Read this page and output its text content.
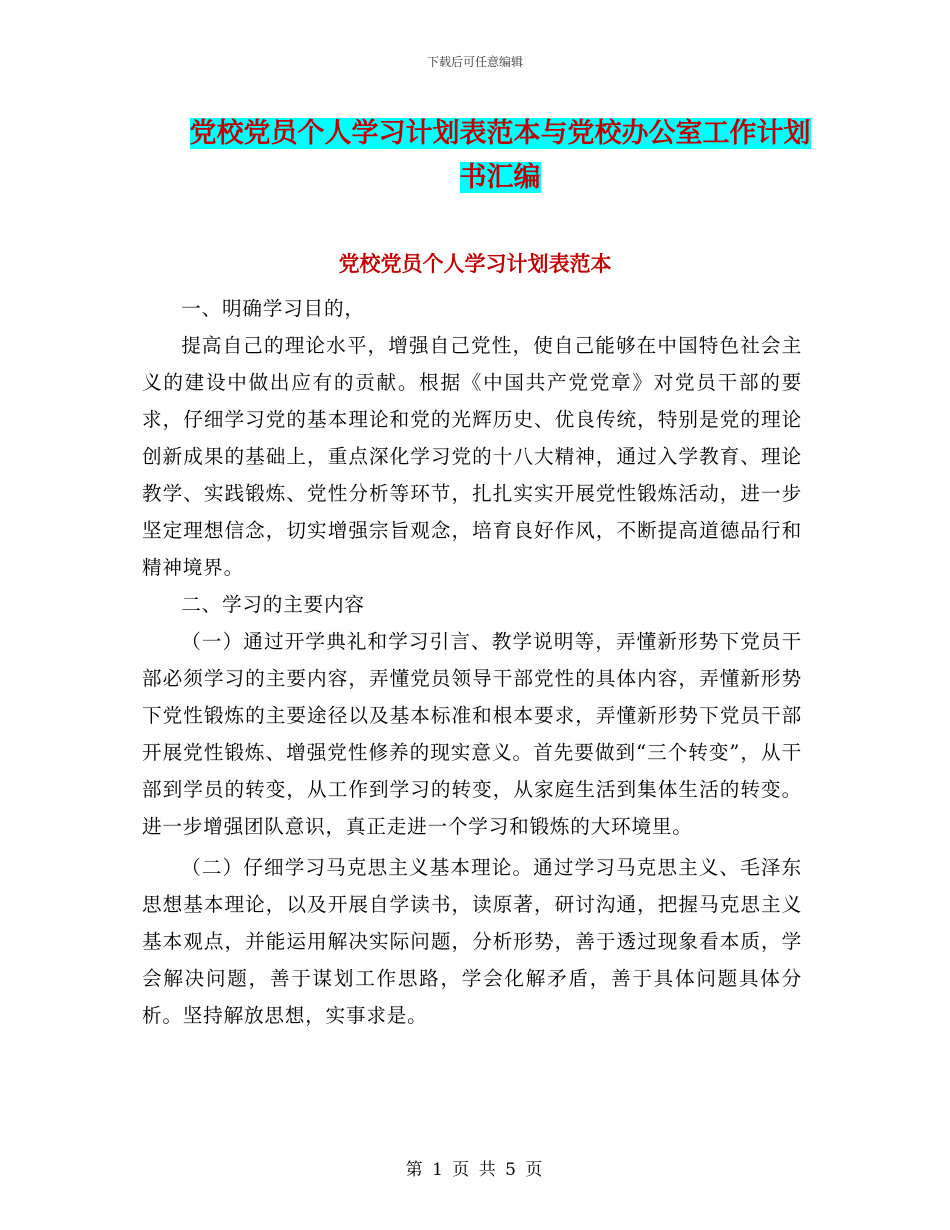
下载后可任意编辑
党校党员个人学习计划表范本与党校办公室工作计划
书汇编
党校党员个人学习计划表范本

一、明确学习目的，

提高自己的理论水平，增强自己党性，使自己能够在中国特色社会主义的建设中做出应有的贡献。根据《中国共产党党章》对党员干部的要求，仔细学习党的基本理论和党的光辉历史、优良传统，特别是党的理论创新成果的基础上，重点深化学习党的十八大精神，通过入学教育、理论教学、实践锻炼、党性分析等环节，扎扎实实开展党性锻炼活动，进一步坚定理想信念，切实增强宗旨观念，培育良好作风，不断提高道德品行和精神境界。

二、学习的主要内容

（一）通过开学典礼和学习引言、教学说明等，弄懂新形势下党员干部必须学习的主要内容，弄懂党员领导干部党性的具体内容，弄懂新形势下党性锻炼的主要途径以及基本标准和根本要求，弄懂新形势下党员干部开展党性锻炼、增强党性修养的现实意义。首先要做到“三个转变”，从干部到学员的转变，从工作到学习的转变，从家庭生活到集体生活的转变。进一步增强团队意识，真正走进一个学习和锻炼的大环境里。

（二）仔细学习马克思主义基本理论。通过学习马克思主义、毛泽东思想基本理论，以及开展自学读书，读原著，研讨沟通，把握马克思主义基本观点，并能运用解决实际问题，分析形势，善于透过现象看本质，学会解决问题，善于谋划工作思路，学会化解矛盾，善于具体问题具体分析。坚持解放思想，实事求是。

第 1 页 共 5 页
